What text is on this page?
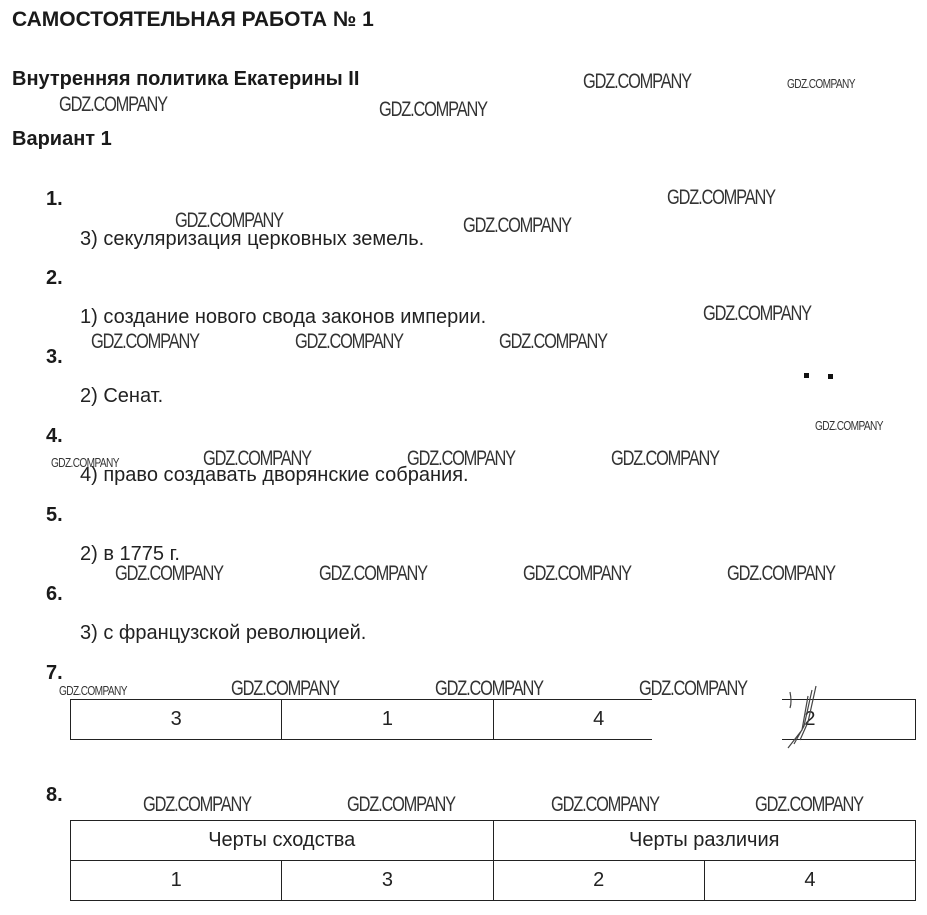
САМОСТОЯТЕЛЬНАЯ РАБОТА № 1
Внутренняя политика Екатерины II
Вариант 1
1.
2.
3.
4.
5.
6.
7.
8.
3) секуляризация церковных земель.
1) создание нового свода законов империи.
2) Сенат.
4) право создавать дворянские собрания.
2) в 1775 г.
3) с французской революцией.
3	1	4	2
Черты сходства		Черты различия	
1	3	2	4
GDZ.COMPANY	GDZ.COMPANY
GDZ.COMPANY	GDZ.COMPANY
GDZ.COMPANY
GDZ.COMPANY	GDZ.COMPANY
GDZ.COMPANY
GDZ.COMPANY	GDZ.COMPANY	GDZ.COMPANY
GDZ.COMPANY
GDZ.COMPANY	GDZ.COMPANY	GDZ.COMPANY
GDZ.COMPANY
GDZ.COMPANY	GDZ.COMPANY	GDZ.COMPANY	GDZ.COMPANY
GDZ.COMPANY	GDZ.COMPANY	GDZ.COMPANY	GDZ.COMPANY
GDZ.COMPANY	GDZ.COMPANY	GDZ.COMPANY	GDZ.COMPANY
